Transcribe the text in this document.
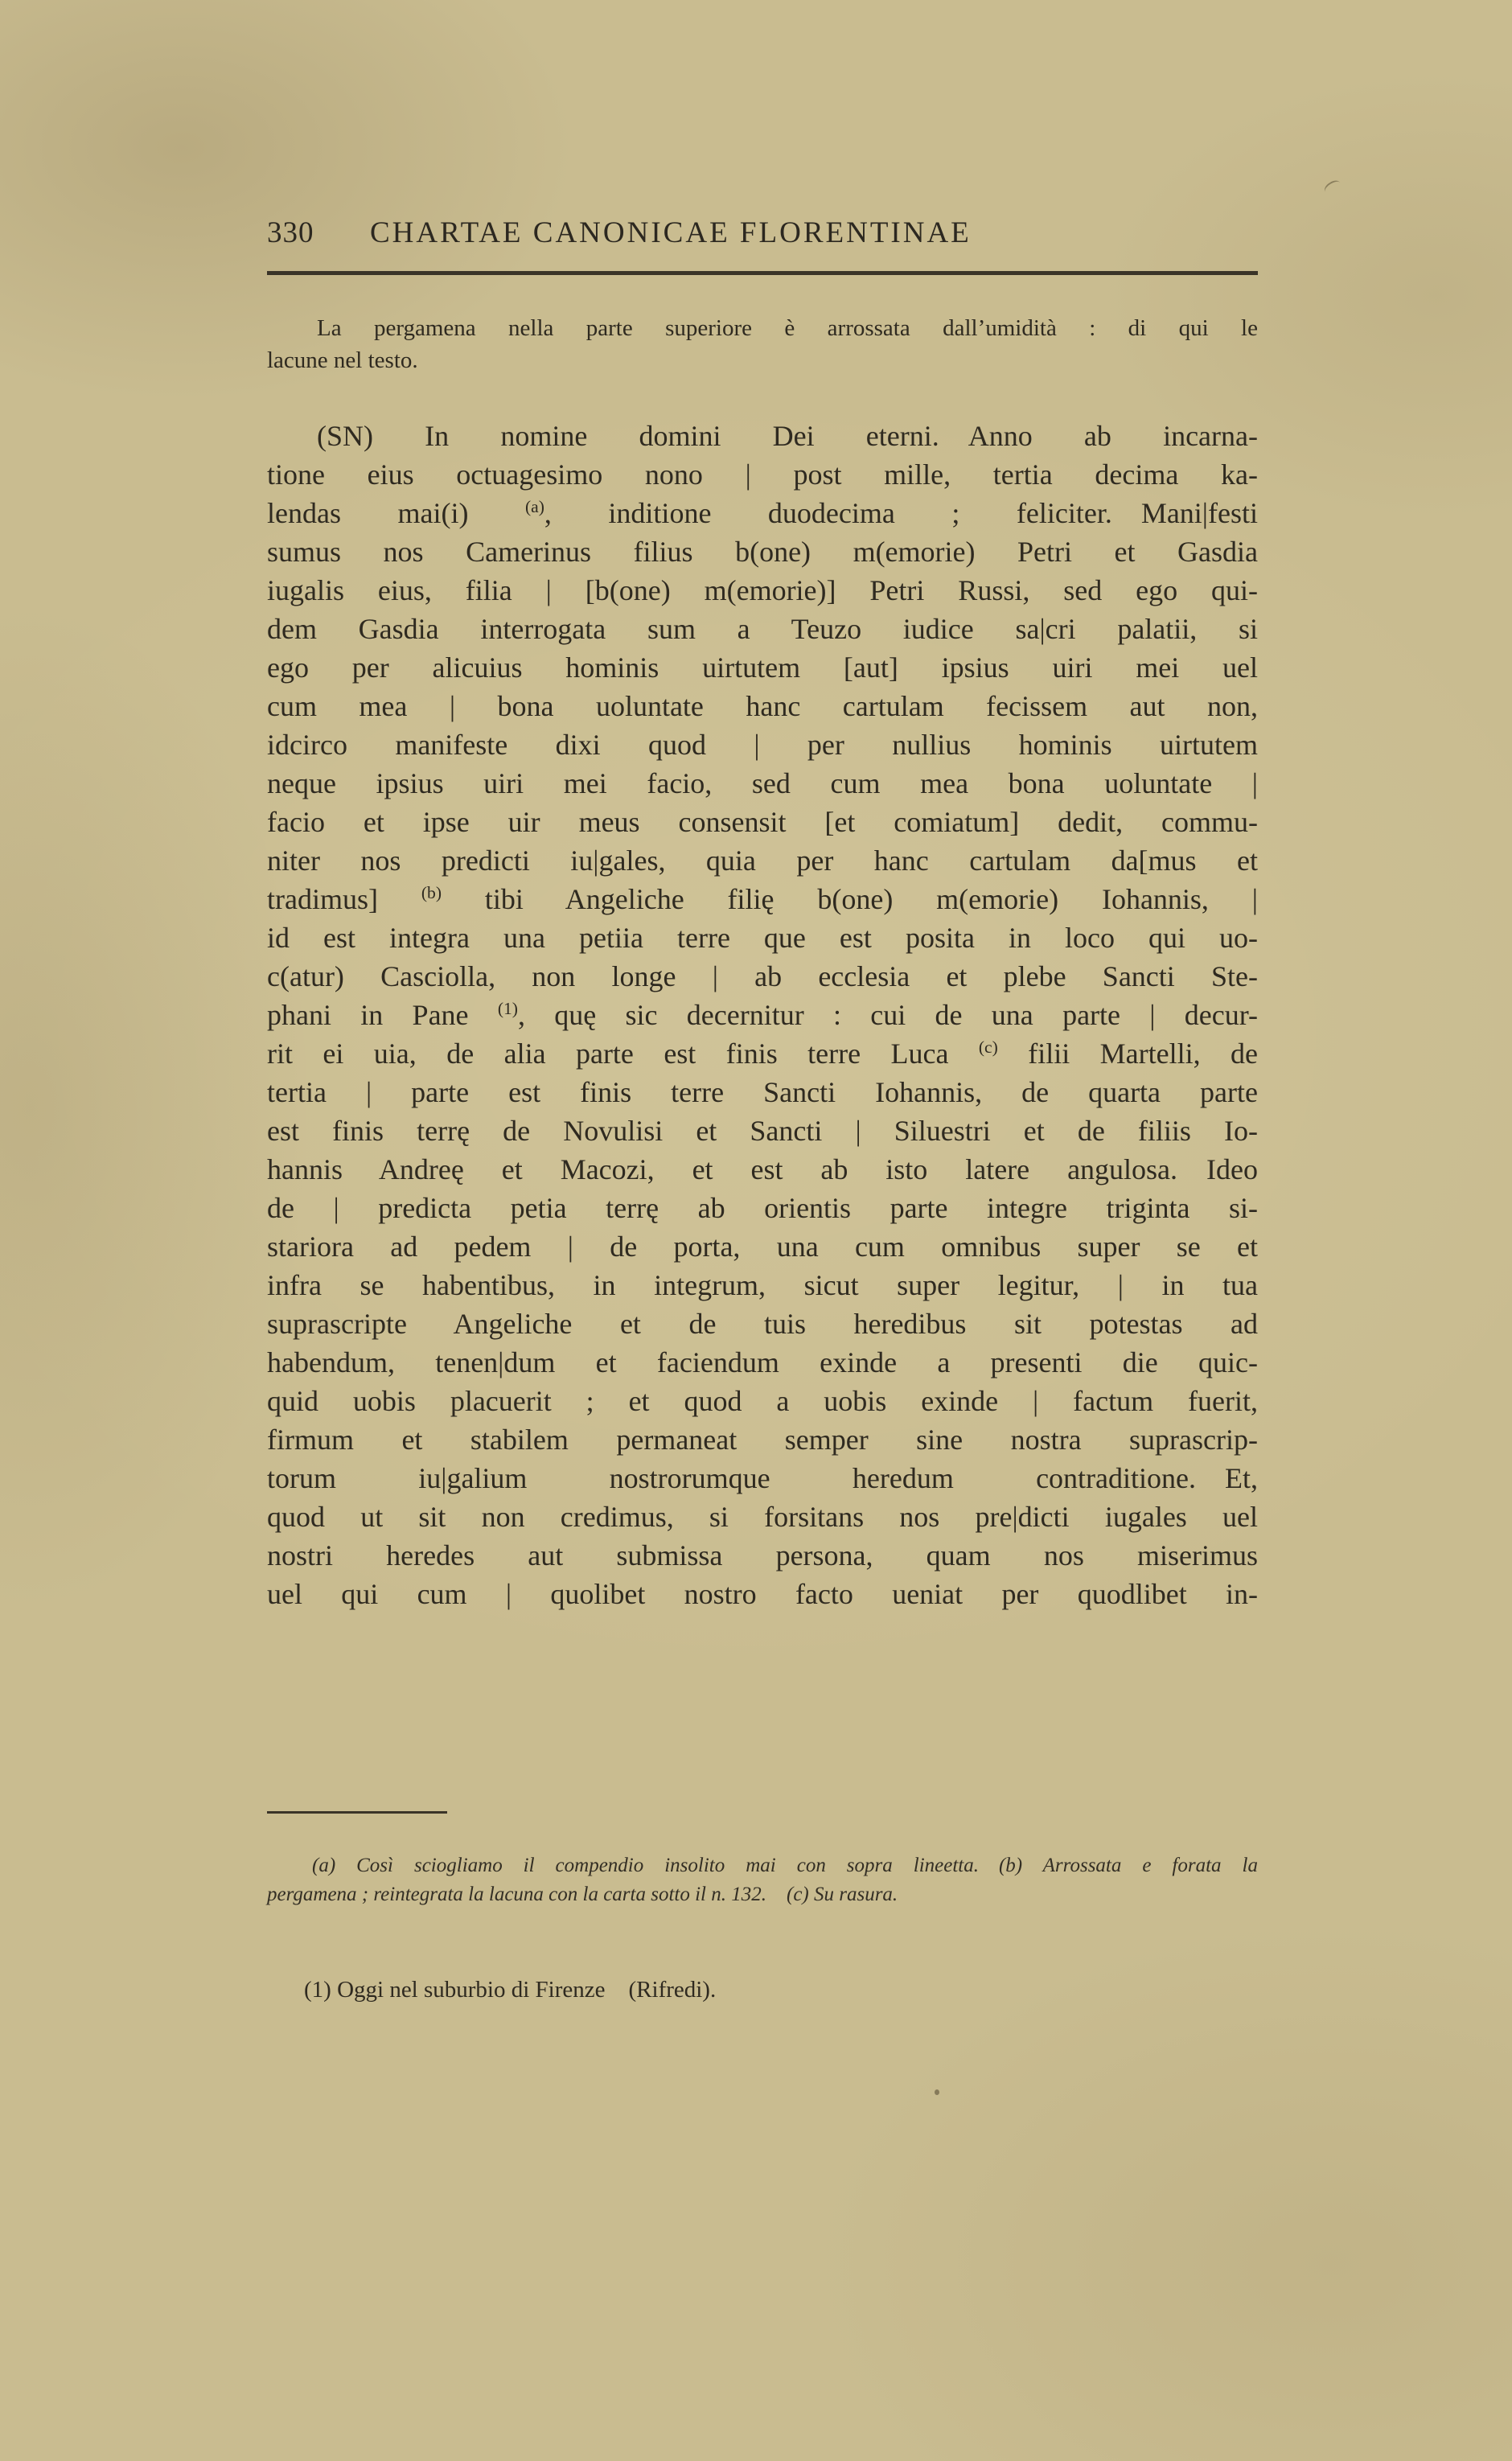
330 CHARTAE CANONICAE FLORENTINAE
La pergamena nella parte superiore è arrossata dall’umidità : di qui le
lacune nel testo.
(SN) In nomine domini Dei eterni. Anno ab incarna-
tione eius octuagesimo nono | post mille, tertia decima ka-
lendas mai(i) $^{(a)}$, inditione duodecima ; feliciter. Mani|festi
sumus nos Camerinus filius b(one) m(emorie) Petri et Gasdia
iugalis eius, filia | [b(one) m(emorie)] Petri Russi, sed ego qui-
dem Gasdia interrogata sum a Teuzo iudice sa|cri palatii, si
ego per alicuius hominis uirtutem [aut] ipsius uiri mei uel
cum mea | bona uoluntate hanc cartulam fecissem aut non,
idcirco manifeste dixi quod | per nullius hominis uirtutem
neque ipsius uiri mei facio, sed cum mea bona uoluntate |
facio et ipse uir meus consensit [et comiatum] dedit, commu-
niter nos predicti iu|gales, quia per hanc cartulam da[mus et
tradimus] $^{(b)}$ tibi Angeliche filię b(one) m(emorie) Iohannis, |
id est integra una petiia terre que est posita in loco qui uo-
c(atur) Casciolla, non longe | ab ecclesia et plebe Sancti Ste-
phani in Pane $^{(1)}$, quę sic decernitur : cui de una parte | decur-
rit ei uia, de alia parte est finis terre Luca $^{(c)}$ filii Martelli, de
tertia | parte est finis terre Sancti Iohannis, de quarta parte
est finis terrę de Novulisi et Sancti | Siluestri et de filiis Io-
hannis Andreę et Macozi, et est ab isto latere angulosa. Ideo
de | predicta petia terrę ab orientis parte integre triginta si-
stariora ad pedem | de porta, una cum omnibus super se et
infra se habentibus, in integrum, sicut super legitur, | in tua
suprascripte Angeliche et de tuis heredibus sit potestas ad
habendum, tenen|dum et faciendum exinde a presenti die quic-
quid uobis placuerit ; et quod a uobis exinde | factum fuerit,
firmum et stabilem permaneat semper sine nostra suprascrip-
torum iu|galium nostrorumque heredum contraditione. Et,
quod ut sit non credimus, si forsitans nos pre|dicti iugales uel
nostri heredes aut submissa persona, quam nos miserimus
uel qui cum | quolibet nostro facto ueniat per quodlibet in-
(a) Così sciogliamo il compendio insolito mai con sopra lineetta. (b) Arrossata e forata la
pergamena ; reintegrata la lacuna con la carta sotto il n. 132. (c) Su rasura.

(1) Oggi nel suburbio di Firenze (Rifredi).
